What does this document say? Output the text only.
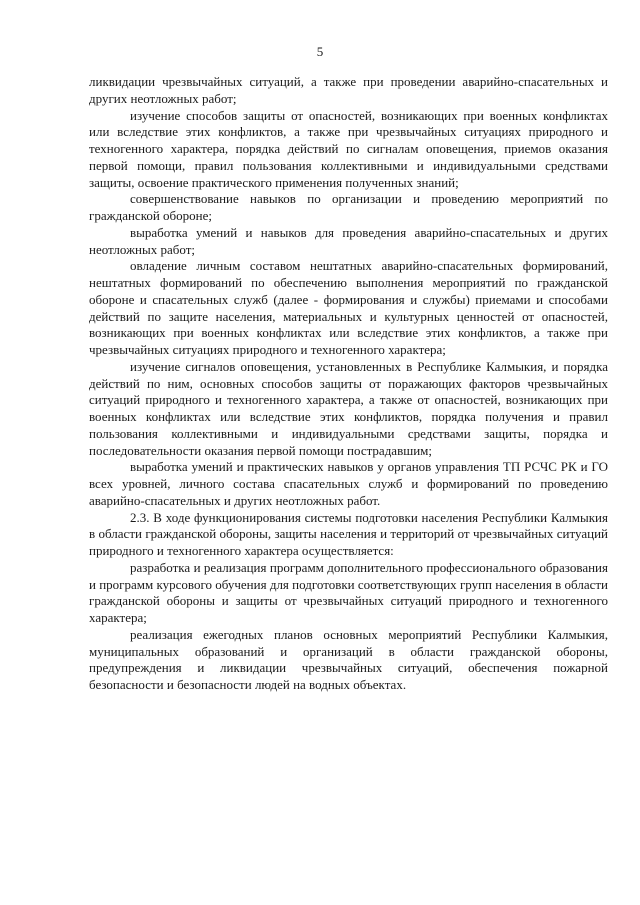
5

ликвидации чрезвычайных ситуаций, а также при проведении аварийно-спасательных и других неотложных работ;

изучение способов защиты от опасностей, возникающих при военных конфликтах или вследствие этих конфликтов, а также при чрезвычайных ситуациях природного и техногенного характера, порядка действий по сигналам оповещения, приемов оказания первой помощи, правил пользования коллективными и индивидуальными средствами защиты, освоение практического применения полученных знаний;

совершенствование навыков по организации и проведению мероприятий по гражданской обороне;

выработка умений и навыков для проведения аварийно-спасательных и других неотложных работ;

овладение личным составом нештатных аварийно-спасательных формирований, нештатных формирований по обеспечению выполнения мероприятий по гражданской обороне и спасательных служб (далее - формирования и службы) приемами и способами действий по защите населения, материальных и культурных ценностей от опасностей, возникающих при военных конфликтах или вследствие этих конфликтов, а также при чрезвычайных ситуациях природного и техногенного характера;

изучение сигналов оповещения, установленных в Республике Калмыкия, и порядка действий по ним, основных способов защиты от поражающих факторов чрезвычайных ситуаций природного и техногенного характера, а также от опасностей, возникающих при военных конфликтах или вследствие этих конфликтов, порядка получения и правил пользования коллективными и индивидуальными средствами защиты, порядка и последовательности оказания первой помощи пострадавшим;

выработка умений и практических навыков у органов управления ТП РСЧС РК и ГО всех уровней, личного состава спасательных служб и формирований по проведению аварийно-спасательных и других неотложных работ.

2.3. В ходе функционирования системы подготовки населения Республики Калмыкия в области гражданской обороны, защиты населения и территорий от чрезвычайных ситуаций природного и техногенного характера осуществляется:

разработка и реализация программ дополнительного профессионального образования и программ курсового обучения для подготовки соответствующих групп населения в области гражданской обороны и защиты от чрезвычайных ситуаций природного и техногенного характера;

реализация ежегодных планов основных мероприятий Республики Калмыкия, муниципальных образований и организаций в области гражданской обороны, предупреждения и ликвидации чрезвычайных ситуаций, обеспечения пожарной безопасности и безопасности людей на водных объектах.
